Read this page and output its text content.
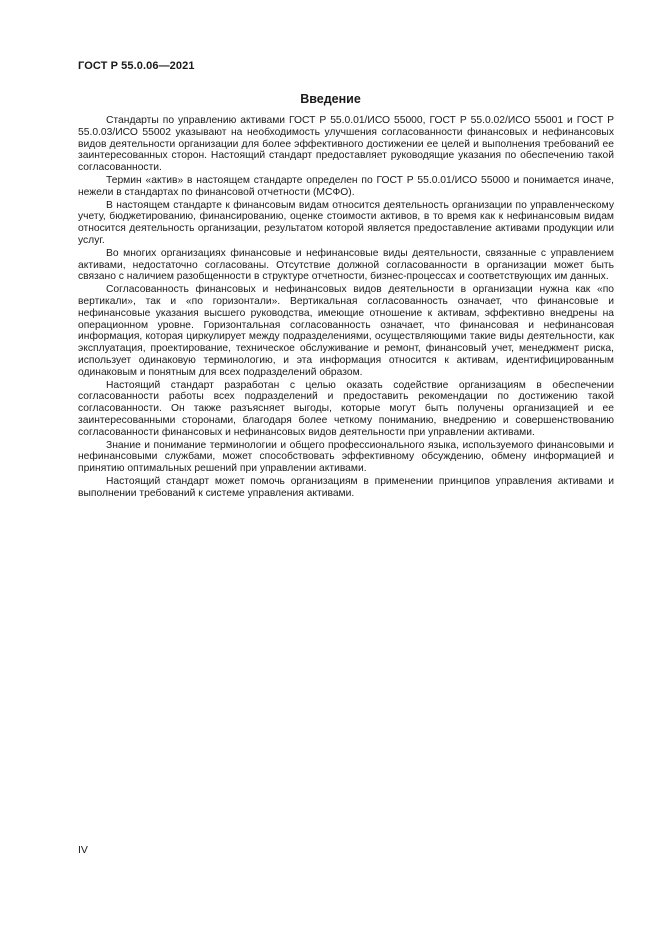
ГОСТ Р 55.0.06—2021
Введение

Стандарты по управлению активами ГОСТ Р 55.0.01/ИСО 55000, ГОСТ Р 55.0.02/ИСО 55001 и ГОСТ Р 55.0.03/ИСО 55002 указывают на необходимость улучшения согласованности финансовых и нефинансовых видов деятельности организации для более эффективного достижении ее целей и выполнения требований ее заинтересованных сторон. Настоящий стандарт предоставляет руководящие указания по обеспечению такой согласованности.

Термин «актив» в настоящем стандарте определен по ГОСТ Р 55.0.01/ИСО 55000 и понимается иначе, нежели в стандартах по финансовой отчетности (МСФО).

В настоящем стандарте к финансовым видам относится деятельность организации по управленческому учету, бюджетированию, финансированию, оценке стоимости активов, в то время как к нефинансовым видам относится деятельность организации, результатом которой является предоставление активами продукции или услуг.

Во многих организациях финансовые и нефинансовые виды деятельности, связанные с управлением активами, недостаточно согласованы. Отсутствие должной согласованности в организации может быть связано с наличием разобщенности в структуре отчетности, бизнес-процессах и соответствующих им данных.

Согласованность финансовых и нефинансовых видов деятельности в организации нужна как «по вертикали», так и «по горизонтали». Вертикальная согласованность означает, что финансовые и нефинансовые указания высшего руководства, имеющие отношение к активам, эффективно внедрены на операционном уровне. Горизонтальная согласованность означает, что финансовая и нефинансовая информация, которая циркулирует между подразделениями, осуществляющими такие виды деятельности, как эксплуатация, проектирование, техническое обслуживание и ремонт, финансовый учет, менеджмент риска, использует одинаковую терминологию, и эта информация относится к активам, идентифицированным одинаковым и понятным для всех подразделений образом.

Настоящий стандарт разработан с целью оказать содействие организациям в обеспечении согласованности работы всех подразделений и предоставить рекомендации по достижению такой согласованности. Он также разъясняет выгоды, которые могут быть получены организацией и ее заинтересованными сторонами, благодаря более четкому пониманию, внедрению и совершенствованию согласованности финансовых и нефинансовых видов деятельности при управлении активами.

Знание и понимание терминологии и общего профессионального языка, используемого финансовыми и нефинансовыми службами, может способствовать эффективному обсуждению, обмену информацией и принятию оптимальных решений при управлении активами.

Настоящий стандарт может помочь организациям в применении принципов управления активами и выполнении требований к системе управления активами.

IV
